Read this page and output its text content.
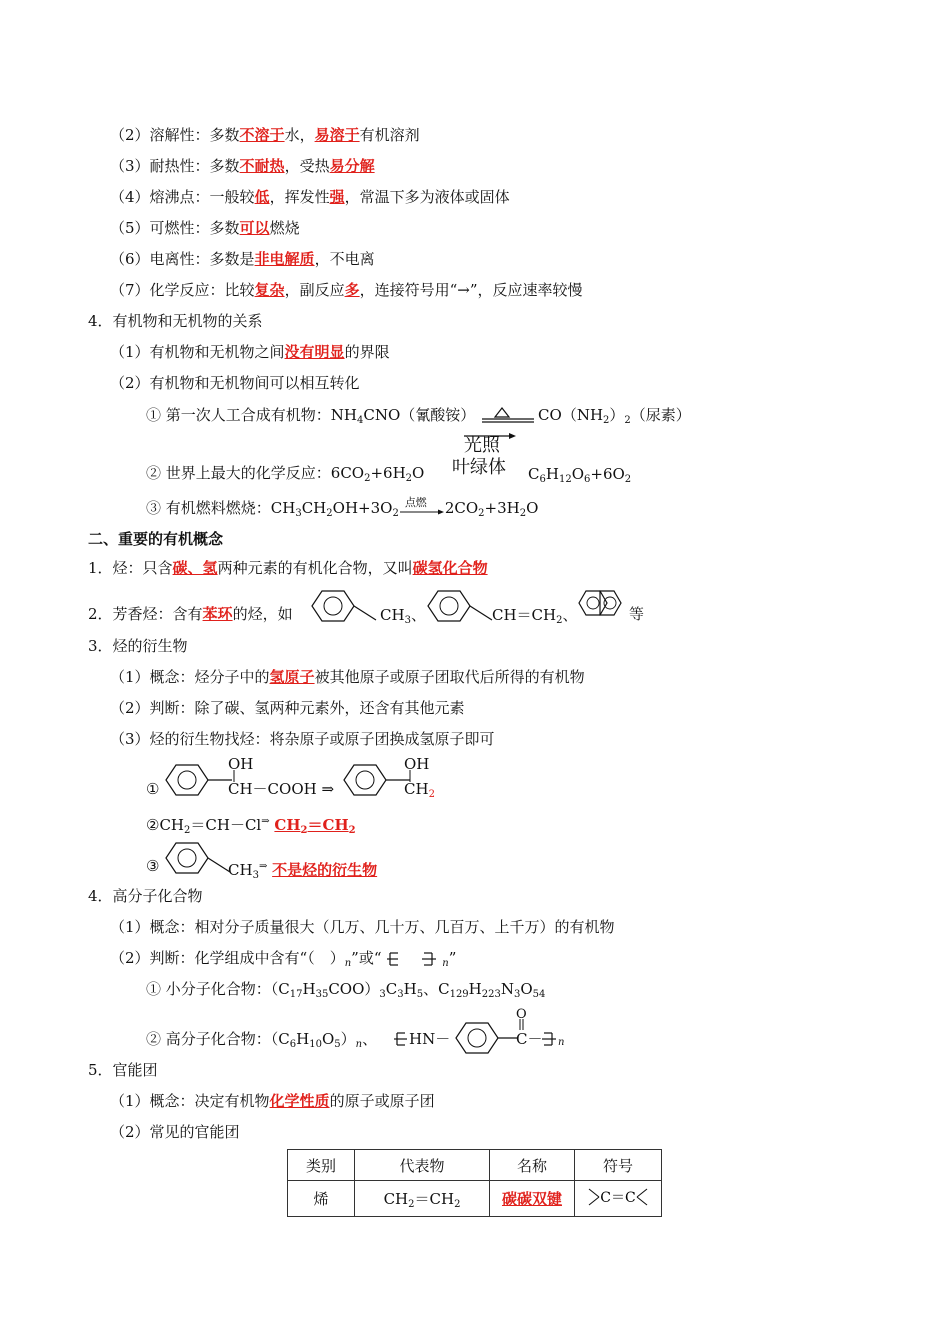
（2）溶解性：多数不溶于水，易溶于有机溶剂
（3）耐热性：多数不耐热，受热易分解
（4）熔沸点：一般较低，挥发性强，常温下多为液体或固体
（5）可燃性：多数可以燃烧
（6）电离性：多数是非电解质，不电离
（7）化学反应：比较复杂，副反应多，连接符号用“→”，反应速率较慢
4．有机物和无机物的关系
（1）有机物和无机物之间没有明显的界限
（2）有机物和无机物间可以相互转化
① 第一次人工合成有机物：$NH_4CNO$（氰酸铵）	$CO(NH_2)_2$（尿素）
光照
② 世界上最大的化学反应：$6CO_2+6H_2O$ 叶绿体 $C_6H_{12}O_6+6O_2$
③ 有机燃料燃烧：$CH_3CH_2OH+3O_2$
点燃 $2CO_2+3H_2O$
二、重要的有机概念
1．烃：只含碳、氢两种元素的有机化合物，又叫碳氢化合物
2．芳香烃：含有苯环的烃，如	$CH_3$、	$CH=CH_2$、	等
3．烃的衍生物
（1）概念：烃分子中的氢原子被其他原子或原子团取代后所得的有机物
（2）判断：除了碳、氢两种元素外，还含有其他元素
（3）烃的衍生物找烃：将杂原子或原子团换成氢原子即可
①
OH
CH－COOH ⇒
OH
$CH_2$
$②CH_2=CH-Cl^\Rightarrow$ $CH_2=CH_2$
③	$CH_3^\Rightarrow$ 不是烃的衍生物
4．高分子化合物
（1）概念：相对分子质量很大（几万、几十万、几百万、上千万）的有机物
（2）判断：化学组成中含有“（　）$_n$”或“	$_n$”
① 小分子化合物：$(C_{17}H_{35}COO)_3C_3H_5$、$C_{129}H_{223}N_3O_{54}$
② 高分子化合物：$(C_6H_{10}O_5)_n$、 HN－
O
C－ n
5．官能团
（1）概念：决定有机物化学性质的原子或原子团
（2）常见的官能团
类别	代表物	名称	符号
烯	$CH_2=CH_2$	碳碳双键	C＝C
